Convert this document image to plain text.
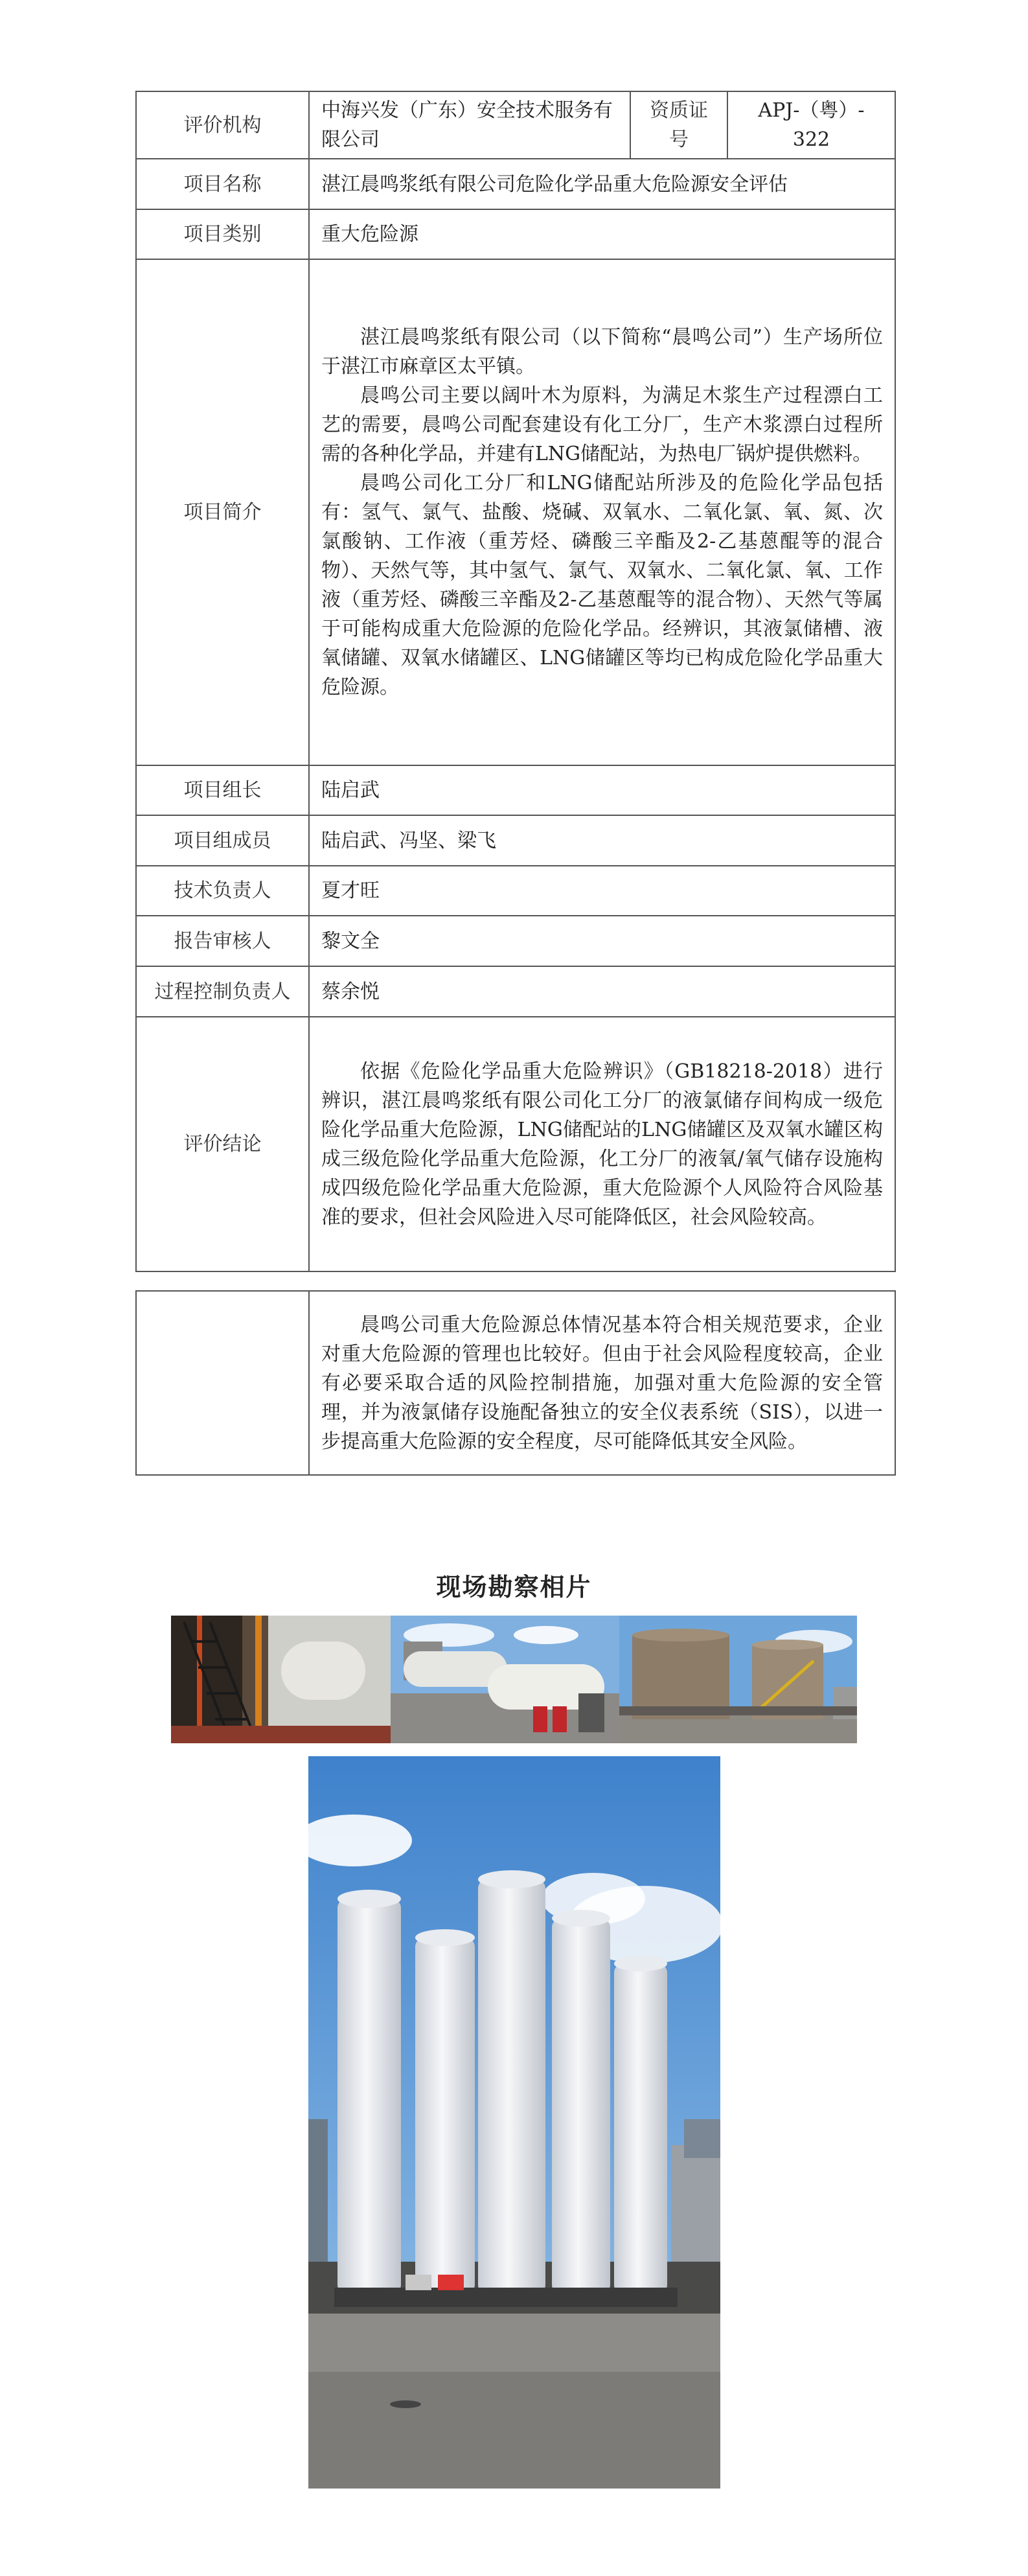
评价机构	中海兴发（广东）安全技术服务有限公司	资质证号	APJ-（粤）- 322
项目名称	湛江晨鸣浆纸有限公司危险化学品重大危险源安全评估		
项目类别	重大危险源		
项目简介	湛江晨鸣浆纸有限公司（以下简称“晨鸣公司”）生产场所位于湛江市麻章区太平镇。

晨鸣公司主要以阔叶木为原料，为满足木浆生产过程漂白工艺的需要，晨鸣公司配套建设有化工分厂，生产木浆漂白过程所需的各种化学品，并建有LNG储配站，为热电厂锅炉提供燃料。

晨鸣公司化工分厂和LNG储配站所涉及的危险化学品包括有：氢气、氯气、盐酸、烧碱、双氧水、二氧化氯、氧、氮、次氯酸钠、工作液（重芳烃、磷酸三辛酯及2-乙基蒽醌等的混合物）、天然气等，其中氢气、氯气、双氧水、二氧化氯、氧、工作液（重芳烃、磷酸三辛酯及2-乙基蒽醌等的混合物）、天然气等属于可能构成重大危险源的危险化学品。经辨识，其液氯储槽、液氧储罐、双氧水储罐区、LNG储罐区等均已构成危险化学品重大危险源。		

项目组长	陆启武		
项目组成员	陆启武、冯坚、梁飞		
技术负责人	夏才旺		
报告审核人	黎文全		
过程控制负责人	蔡余悦		
评价结论	依据《危险化学品重大危险辨识》（GB18218-2018）进行辨识，湛江晨鸣浆纸有限公司化工分厂的液氯储存间构成一级危险化学品重大危险源，LNG储配站的LNG储罐区及双氧水罐区构成三级危险化学品重大危险源，化工分厂的液氧/氧气储存设施构成四级危险化学品重大危险源，重大危险源个人风险符合风险基准的要求，但社会风险进入尽可能降低区，社会风险较高。		

晨鸣公司重大危险源总体情况基本符合相关规范要求，企业对重大危险源的管理也比较好。但由于社会风险程度较高，企业有必要采取合适的风险控制措施，加强对重大危险源的安全管理，并为液氯储存设施配备独立的安全仪表系统（SIS），以进一步提高重大危险源的安全程度，尽可能降低其安全风险。

现场勘察相片
